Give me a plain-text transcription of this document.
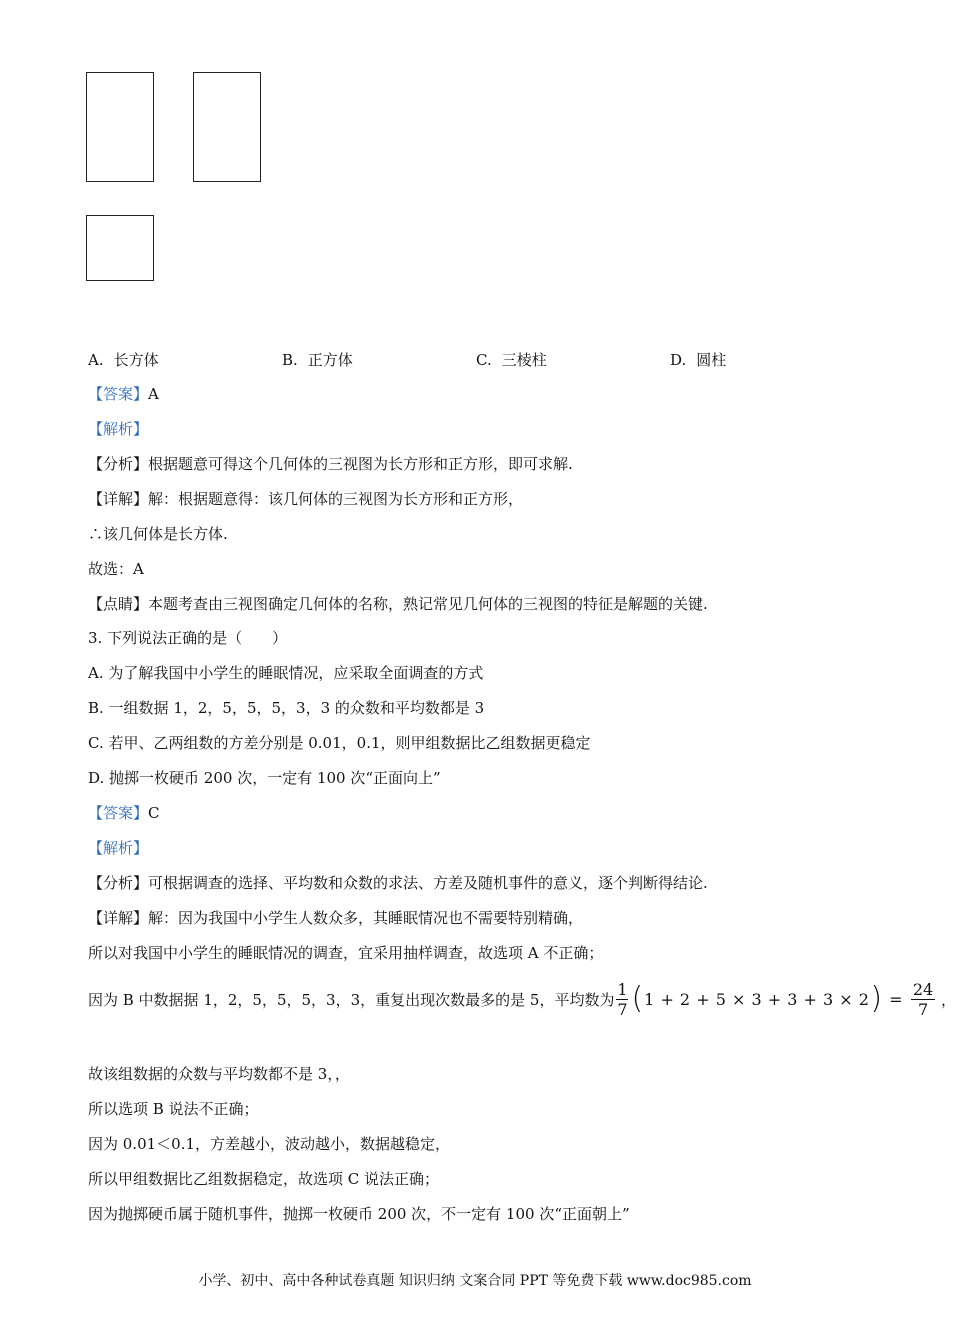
A. 长方体	B. 正方体	C. 三棱柱	D. 圆柱
【答案】A
【解析】
【分析】根据题意可得这个几何体的三视图为长方形和正方形，即可求解.
【详解】解：根据题意得：该几何体的三视图为长方形和正方形，
∴该几何体是长方体.
故选：A
【点睛】本题考查由三视图确定几何体的名称，熟记常见几何体的三视图的特征是解题的关键.
3. 下列说法正确的是（　　）
A. 为了解我国中小学生的睡眠情况，应采取全面调查的方式
B. 一组数据 1，2，5，5，5，3，3 的众数和平均数都是 3
C. 若甲、乙两组数的方差分别是 0.01，0.1，则甲组数据比乙组数据更稳定
D. 抛掷一枚硬币 200 次，一定有 100 次“正面向上”
【答案】C
【解析】
【分析】可根据调查的选择、平均数和众数的求法、方差及随机事件的意义，逐个判断得结论.
【详解】解：因为我国中小学生人数众多，其睡眠情况也不需要特别精确，
所以对我国中小学生的睡眠情况的调查，宜采用抽样调查，故选项 A 不正确；
因为 B 中数据据 1，2，5，5，5，3，3，重复出现次数最多的是 5，平均数为 $\frac{1}{7}$ ( 1 + 2 + 5 × 3 + 3 + 3 × 2 ) = $\frac{24}{7}$ ，
故该组数据的众数与平均数都不是 3，，
所以选项 B 说法不正确；
因为 0.01＜0.1，方差越小，波动越小，数据越稳定，
所以甲组数据比乙组数据稳定，故选项 C 说法正确；
因为抛掷硬币属于随机事件，抛掷一枚硬币 200 次，不一定有 100 次“正面朝上”
小学、初中、高中各种试卷真题 知识归纳 文案合同 PPT 等免费下载 www.doc985.com
